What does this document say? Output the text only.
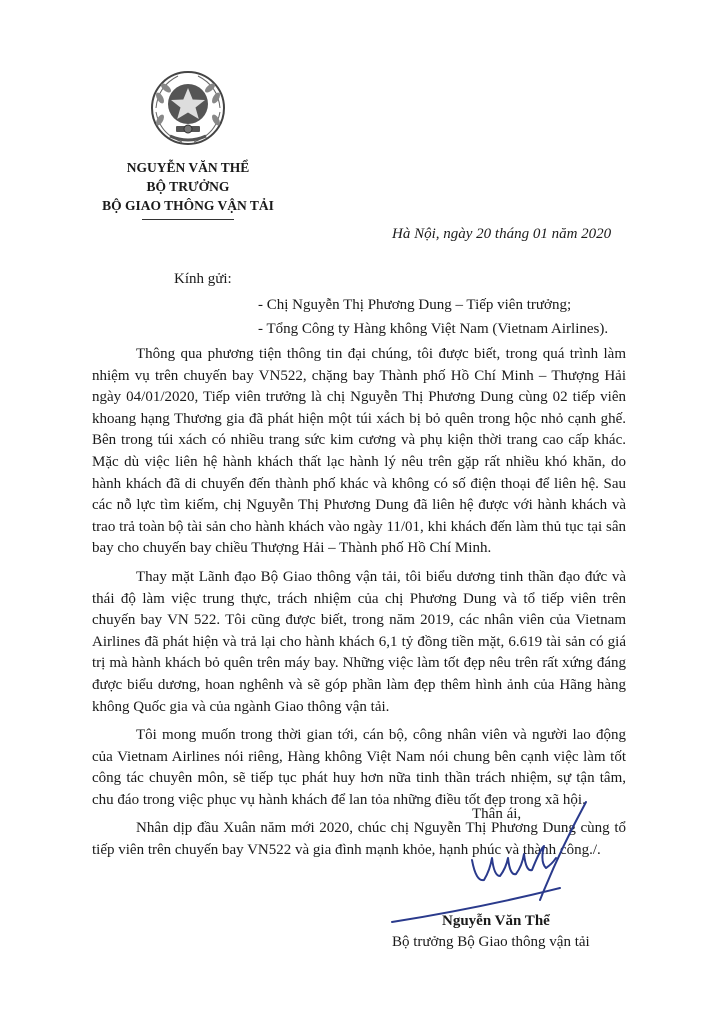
NGUYỄN VĂN THỂ
BỘ TRƯỞNG
BỘ GIAO THÔNG VẬN TẢI
Hà Nội, ngày 20 tháng 01 năm 2020
Kính gửi:
- Chị Nguyễn Thị Phương Dung – Tiếp viên trưởng;
- Tổng Công ty Hàng không Việt Nam (Vietnam Airlines).

Thông qua phương tiện thông tin đại chúng, tôi được biết, trong quá trình làm nhiệm vụ trên chuyến bay VN522, chặng bay Thành phố Hồ Chí Minh – Thượng Hải ngày 04/01/2020, Tiếp viên trưởng là chị Nguyễn Thị Phương Dung cùng 02 tiếp viên khoang hạng Thương gia đã phát hiện một túi xách bị bỏ quên trong hộc nhỏ cạnh ghế. Bên trong túi xách có nhiều trang sức kim cương và phụ kiện thời trang cao cấp khác. Mặc dù việc liên hệ hành khách thất lạc hành lý nêu trên gặp rất nhiều khó khăn, do hành khách đã di chuyển đến thành phố khác và không có số điện thoại để liên hệ. Sau các nỗ lực tìm kiếm, chị Nguyễn Thị Phương Dung đã liên hệ được với hành khách và trao trả toàn bộ tài sản cho hành khách vào ngày 11/01, khi khách đến làm thủ tục tại sân bay cho chuyến bay chiều Thượng Hải – Thành phố Hồ Chí Minh.

Thay mặt Lãnh đạo Bộ Giao thông vận tải, tôi biểu dương tinh thần đạo đức và thái độ làm việc trung thực, trách nhiệm của chị Phương Dung và tổ tiếp viên trên chuyến bay VN 522. Tôi cũng được biết, trong năm 2019, các nhân viên của Vietnam Airlines đã phát hiện và trả lại cho hành khách 6,1 tỷ đồng tiền mặt, 6.619 tài sản có giá trị mà hành khách bỏ quên trên máy bay. Những việc làm tốt đẹp nêu trên rất xứng đáng được biểu dương, hoan nghênh và sẽ góp phần làm đẹp thêm hình ảnh của Hãng hàng không Quốc gia và của ngành Giao thông vận tải.

Tôi mong muốn trong thời gian tới, cán bộ, công nhân viên và người lao động của Vietnam Airlines nói riêng, Hàng không Việt Nam nói chung bên cạnh việc làm tốt công tác chuyên môn, sẽ tiếp tục phát huy hơn nữa tinh thần trách nhiệm, sự tận tâm, chu đáo trong việc phục vụ hành khách để lan tỏa những điều tốt đẹp trong xã hội.

Nhân dịp đầu Xuân năm mới 2020, chúc chị Nguyễn Thị Phương Dung cùng tổ tiếp viên trên chuyến bay VN522 và gia đình mạnh khỏe, hạnh phúc và thành công./.

Thân ái,
Nguyễn Văn Thể
Bộ trưởng Bộ Giao thông vận tải
